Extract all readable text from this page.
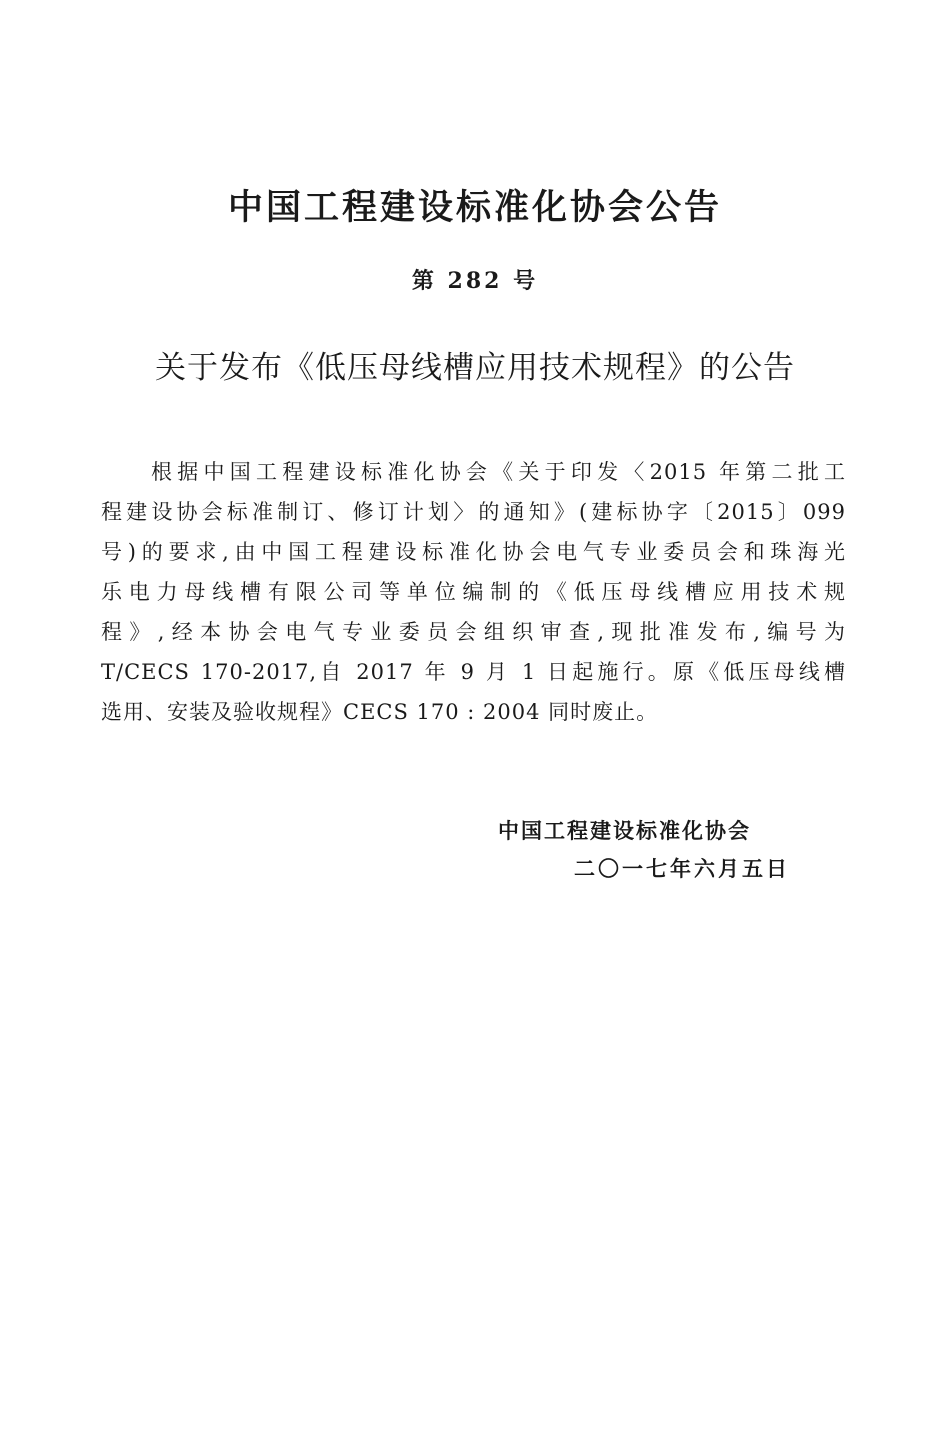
中国工程建设标准化协会公告
第 282 号
关于发布《低压母线槽应用技术规程》的公告
根据中国工程建设标准化协会《关于印发〈2015 年第二批工
程建设协会标准制订、修订计划〉的通知》(建标协字〔2015〕099
号)的要求,由中国工程建设标准化协会电气专业委员会和珠海光
乐电力母线槽有限公司等单位编制的《低压母线槽应用技术规
程》,经本协会电气专业委员会组织审查,现批准发布,编号为
T/CECS 170-2017,自 2017 年 9 月 1 日起施行。原《低压母线槽
选用、安装及验收规程》CECS 170 : 2004 同时废止。
中国工程建设标准化协会
二〇一七年六月五日
